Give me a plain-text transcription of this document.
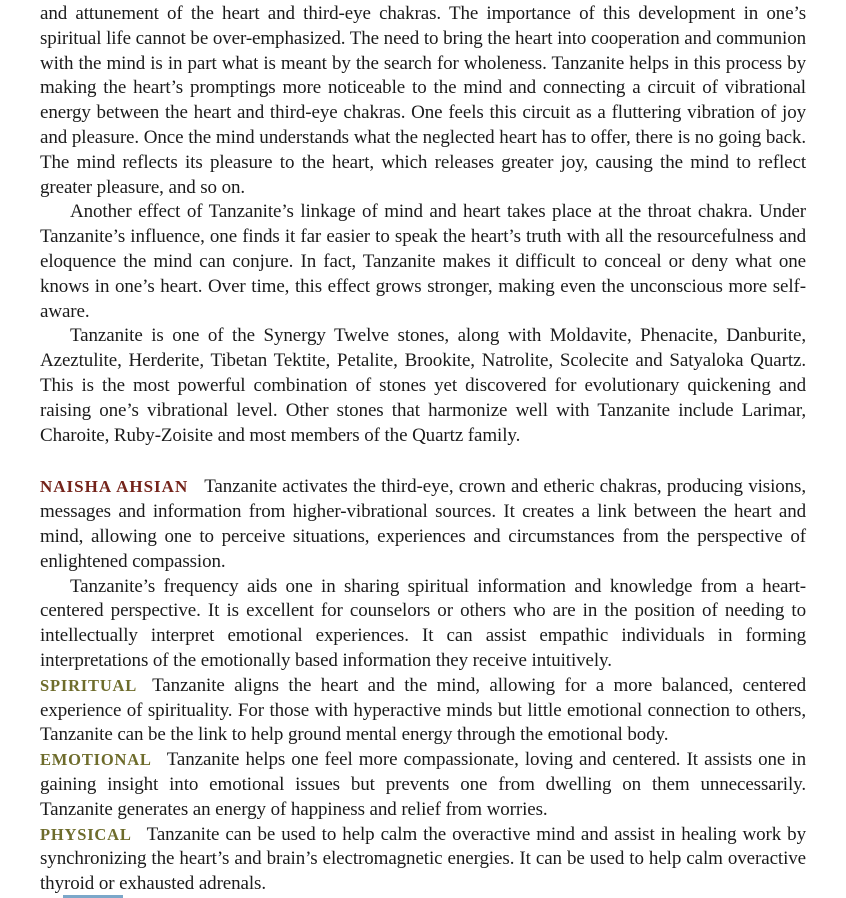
and attunement of the heart and third-eye chakras. The importance of this development in one’s spiritual life cannot be over-emphasized. The need to bring the heart into cooperation and communion with the mind is in part what is meant by the search for wholeness. Tanzanite helps in this process by making the heart’s promptings more noticeable to the mind and connecting a circuit of vibrational energy between the heart and third-eye chakras. One feels this circuit as a fluttering vibration of joy and pleasure. Once the mind understands what the neglected heart has to offer, there is no going back. The mind reflects its pleasure to the heart, which releases greater joy, causing the mind to reflect greater pleasure, and so on.

Another effect of Tanzanite’s linkage of mind and heart takes place at the throat chakra. Under Tanzanite’s influence, one finds it far easier to speak the heart’s truth with all the resourcefulness and eloquence the mind can conjure. In fact, Tanzanite makes it difficult to conceal or deny what one knows in one’s heart. Over time, this effect grows stronger, making even the unconscious more self-aware.

Tanzanite is one of the Synergy Twelve stones, along with Moldavite, Phenacite, Danburite, Azeztulite, Herderite, Tibetan Tektite, Petalite, Brookite, Natrolite, Scolecite and Satyaloka Quartz. This is the most powerful combination of stones yet discovered for evolutionary quickening and raising one’s vibrational level. Other stones that harmonize well with Tanzanite include Larimar, Charoite, Ruby-Zoisite and most members of the Quartz family.

NAISHA AHSIAN Tanzanite activates the third-eye, crown and etheric chakras, producing visions, messages and information from higher-vibrational sources. It creates a link between the heart and mind, allowing one to perceive situations, experiences and circumstances from the perspective of enlightened compassion.

Tanzanite’s frequency aids one in sharing spiritual information and knowledge from a heart-centered perspective. It is excellent for counselors or others who are in the position of needing to intellectually interpret emotional experiences. It can assist empathic individuals in forming interpretations of the emotionally based information they receive intuitively.

SPIRITUAL Tanzanite aligns the heart and the mind, allowing for a more balanced, centered experience of spirituality. For those with hyperactive minds but little emotional connection to others, Tanzanite can be the link to help ground mental energy through the emotional body.

EMOTIONAL Tanzanite helps one feel more compassionate, loving and centered. It assists one in gaining insight into emotional issues but prevents one from dwelling on them unnecessarily. Tanzanite generates an energy of happiness and relief from worries.

PHYSICAL Tanzanite can be used to help calm the overactive mind and assist in healing work by synchronizing the heart’s and brain’s electromagnetic energies. It can be used to help calm overactive thyroid or exhausted adrenals.
